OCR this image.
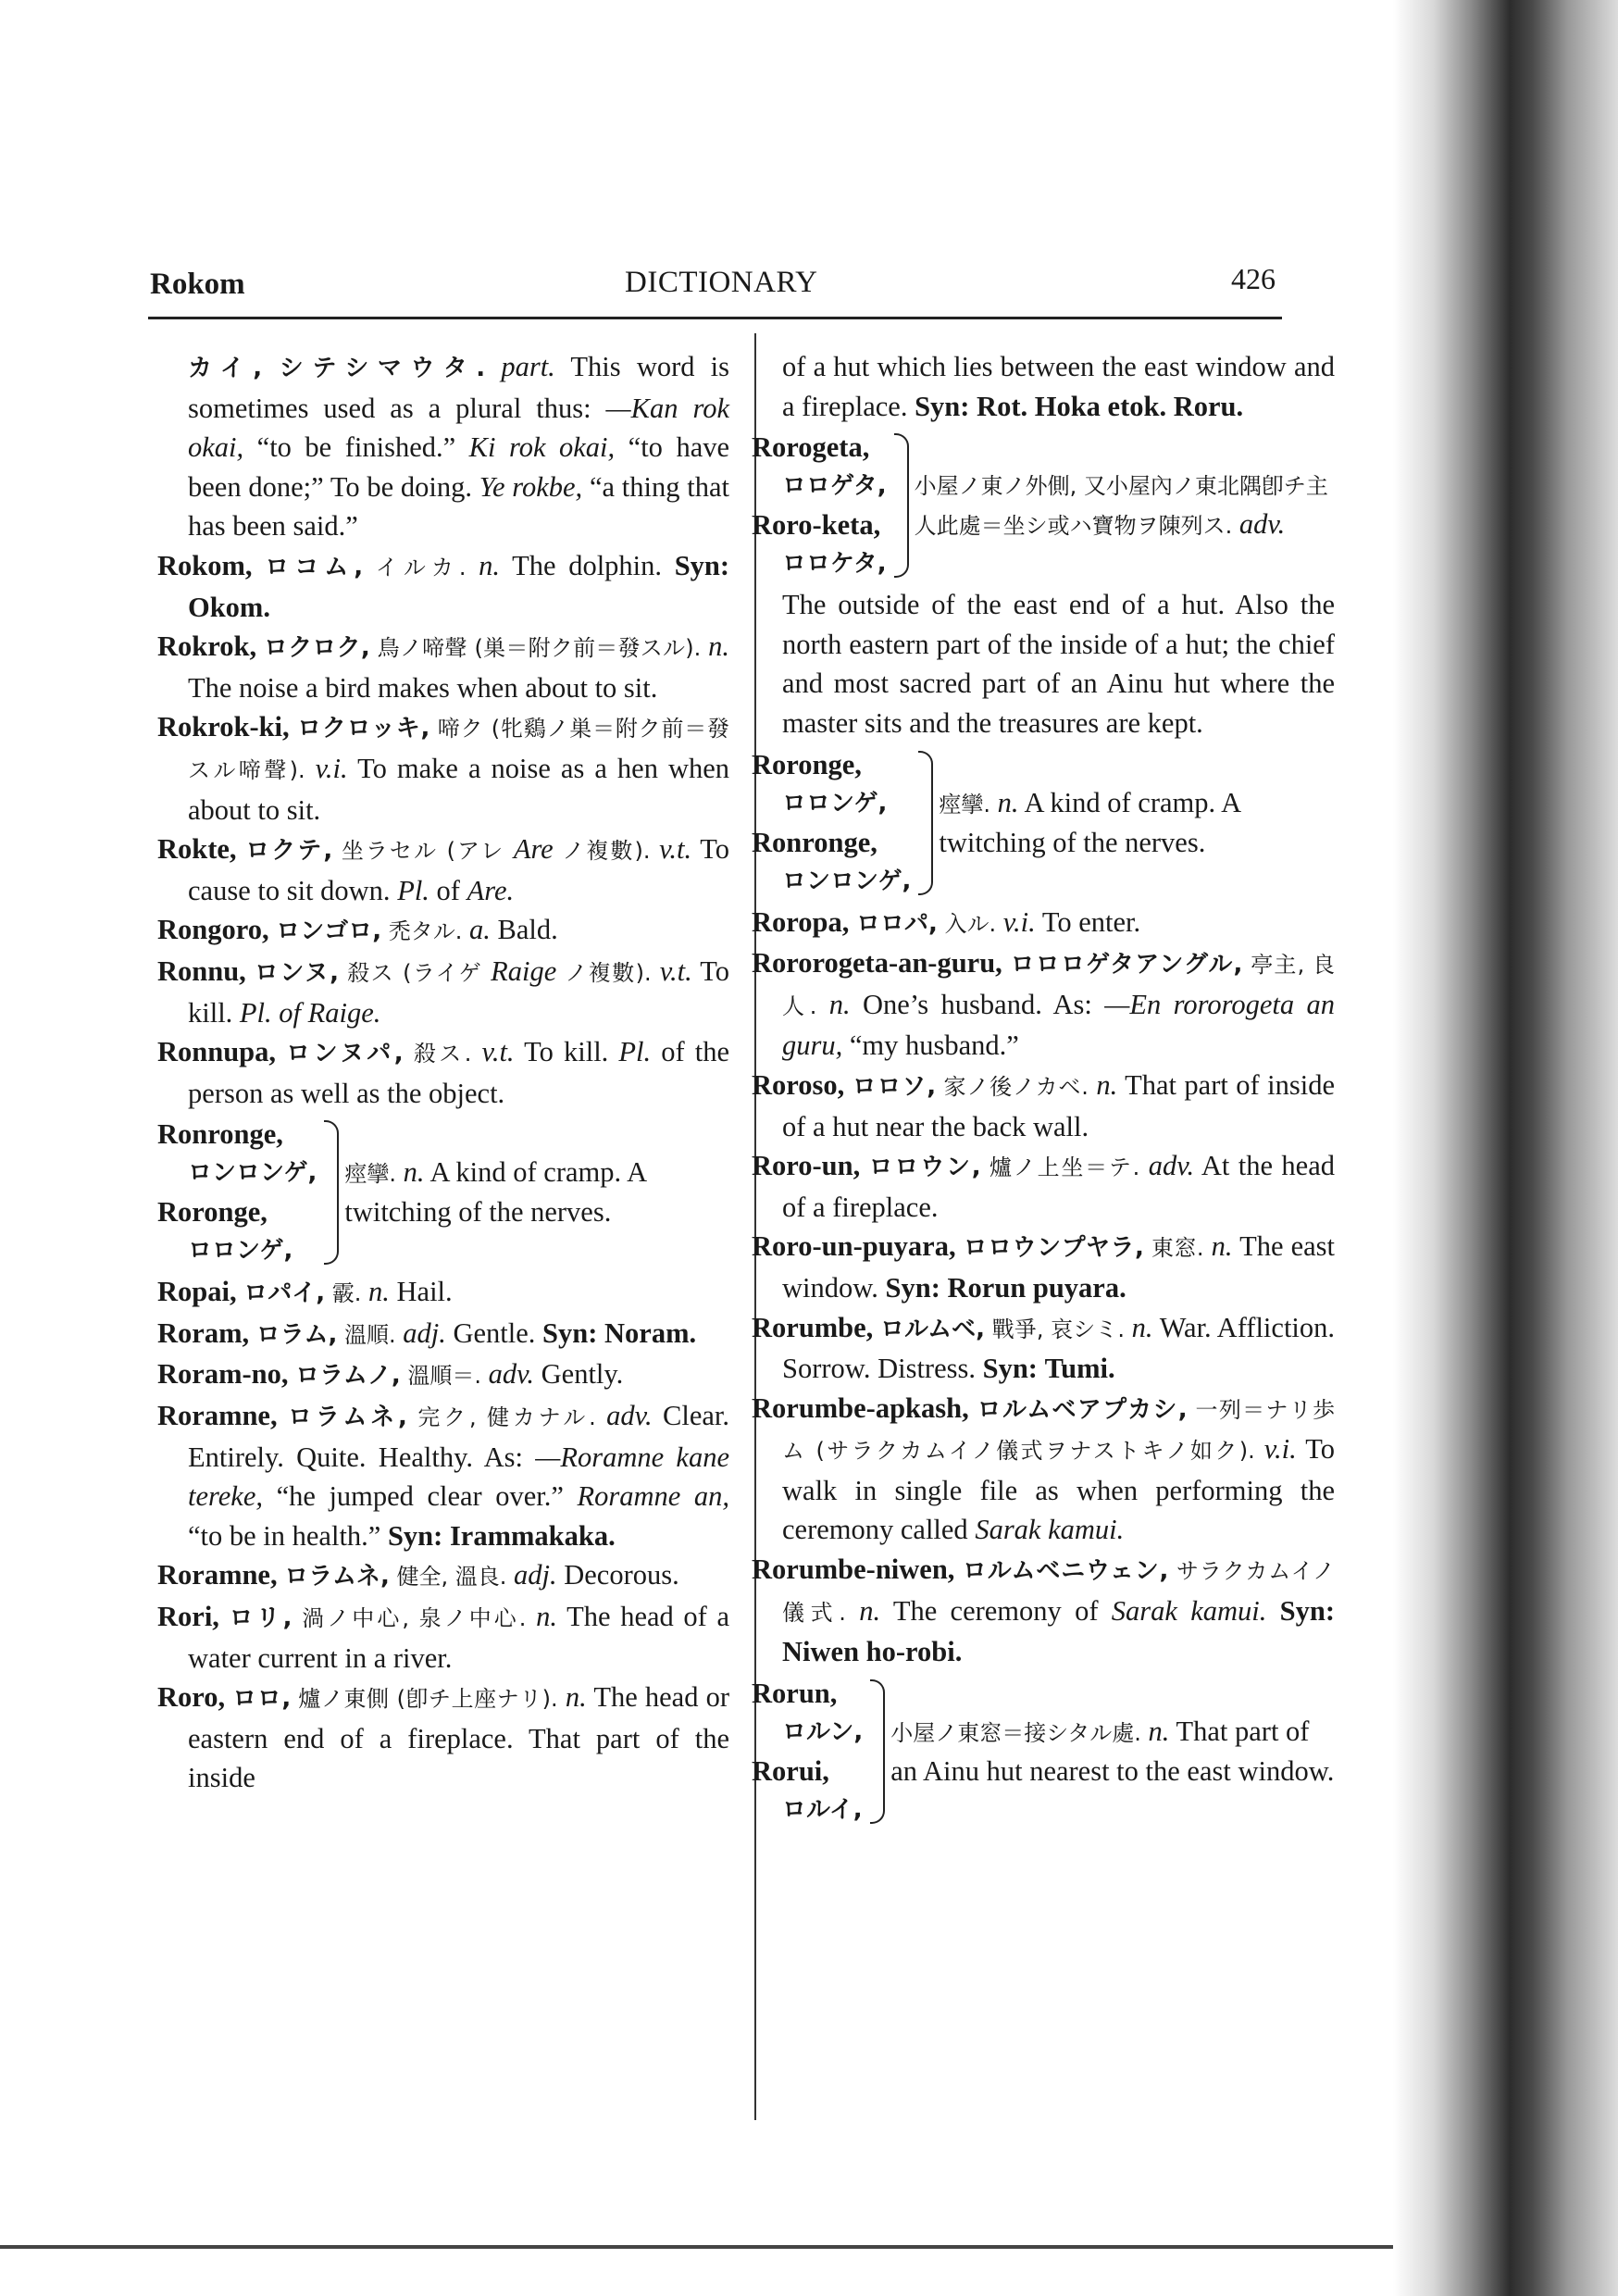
Rokom	DICTIONARY	426

カイ, シテシマウタ. part. This word is sometimes used as a plural thus: —Kan rok okai, “to be finished.” Ki rok okai, “to have been done;” To be doing. Ye rokbe, “a thing that has been said.”

Rokom, ロコム, イルカ. n. The dolphin. Syn: Okom.

Rokrok, ロクロク, 鳥ノ啼聲 (巣＝附ク前＝發スル). n. The noise a bird makes when about to sit.

Rokrok-ki, ロクロッキ, 啼ク (牝鷄ノ巣＝附ク前＝發スル啼聲). v.i. To make a noise as a hen when about to sit.

Rokte, ロクテ, 坐ラセル (アレ Are ノ複數). v.t. To cause to sit down. Pl. of Are.

Rongoro, ロンゴロ, 禿タル. a. Bald.

Ronnu, ロンヌ, 殺ス (ライゲ Raige ノ複數). v.t. To kill. Pl. of Raige.

Ronnupa, ロンヌパ, 殺ス. v.t. To kill. Pl. of the person as well as the object.

Ronronge,
ロンロンゲ,
Roronge,
ロロンゲ,
痙攣. n. A kind of cramp. A twitching of the nerves.

Ropai, ロパイ, 霰. n. Hail.

Roram, ロラム, 溫順. adj. Gentle. Syn: Noram.

Roram-no, ロラムノ, 溫順＝. adv. Gently.

Roramne, ロラムネ, 完ク, 健カナル. adv. Clear. Entirely. Quite. Healthy. As: —Roramne kane tereke, “he jumped clear over.” Roramne an, “to be in health.” Syn: Irammakaka.

Roramne, ロラムネ, 健全, 溫良. adj. Decorous.

Rori, ロリ, 渦ノ中心, 泉ノ中心. n. The head of a water current in a river.

Roro, ロロ, 爐ノ東側 (卽チ上座ナリ). n. The head or eastern end of a fireplace. That part of the inside

of a hut which lies between the east window and a fireplace. Syn: Rot. Hoka etok. Roru.

Rorogeta,
ロロゲタ,
Roro-keta,
ロロケタ,
小屋ノ東ノ外側, 又小屋內ノ東北隅卽チ主人此處＝坐シ或ハ寶物ヲ陳列ス. adv.

The outside of the east end of a hut. Also the north eastern part of the inside of a hut; the chief and most sacred part of an Ainu hut where the master sits and the treasures are kept.

Roronge,
ロロンゲ,
Ronronge,
ロンロンゲ,
痙攣. n. A kind of cramp. A twitching of the nerves.

Roropa, ロロパ, 入ル. v.i. To enter.

Rororogeta-an-guru, ロロロゲタアングル, 亭主, 良人. n. One’s husband. As: —En rororogeta an guru, “my husband.”

Roroso, ロロソ, 家ノ後ノカベ. n. That part of inside of a hut near the back wall.

Roro-un, ロロウン, 爐ノ上坐＝テ. adv. At the head of a fireplace.

Roro-un-puyara, ロロウンプヤラ, 東窓. n. The east window. Syn: Rorun puyara.

Rorumbe, ロルムベ, 戰爭, 哀シミ. n. War. Affliction. Sorrow. Distress. Syn: Tumi.

Rorumbe-apkash, ロルムベアプカシ, 一列＝ナリ歩ム (サラクカムイノ儀式ヲナストキノ如ク). v.i. To walk in single file as when performing the ceremony called Sarak kamui.

Rorumbe-niwen, ロルムベニウェン, サラクカムイノ儀式. n. The ceremony of Sarak kamui. Syn: Niwen ho-robi.

Rorun,
ロルン,
Rorui,
ロルイ,
小屋ノ東窓＝接シタル處. n. That part of an Ainu hut nearest to the east window.
